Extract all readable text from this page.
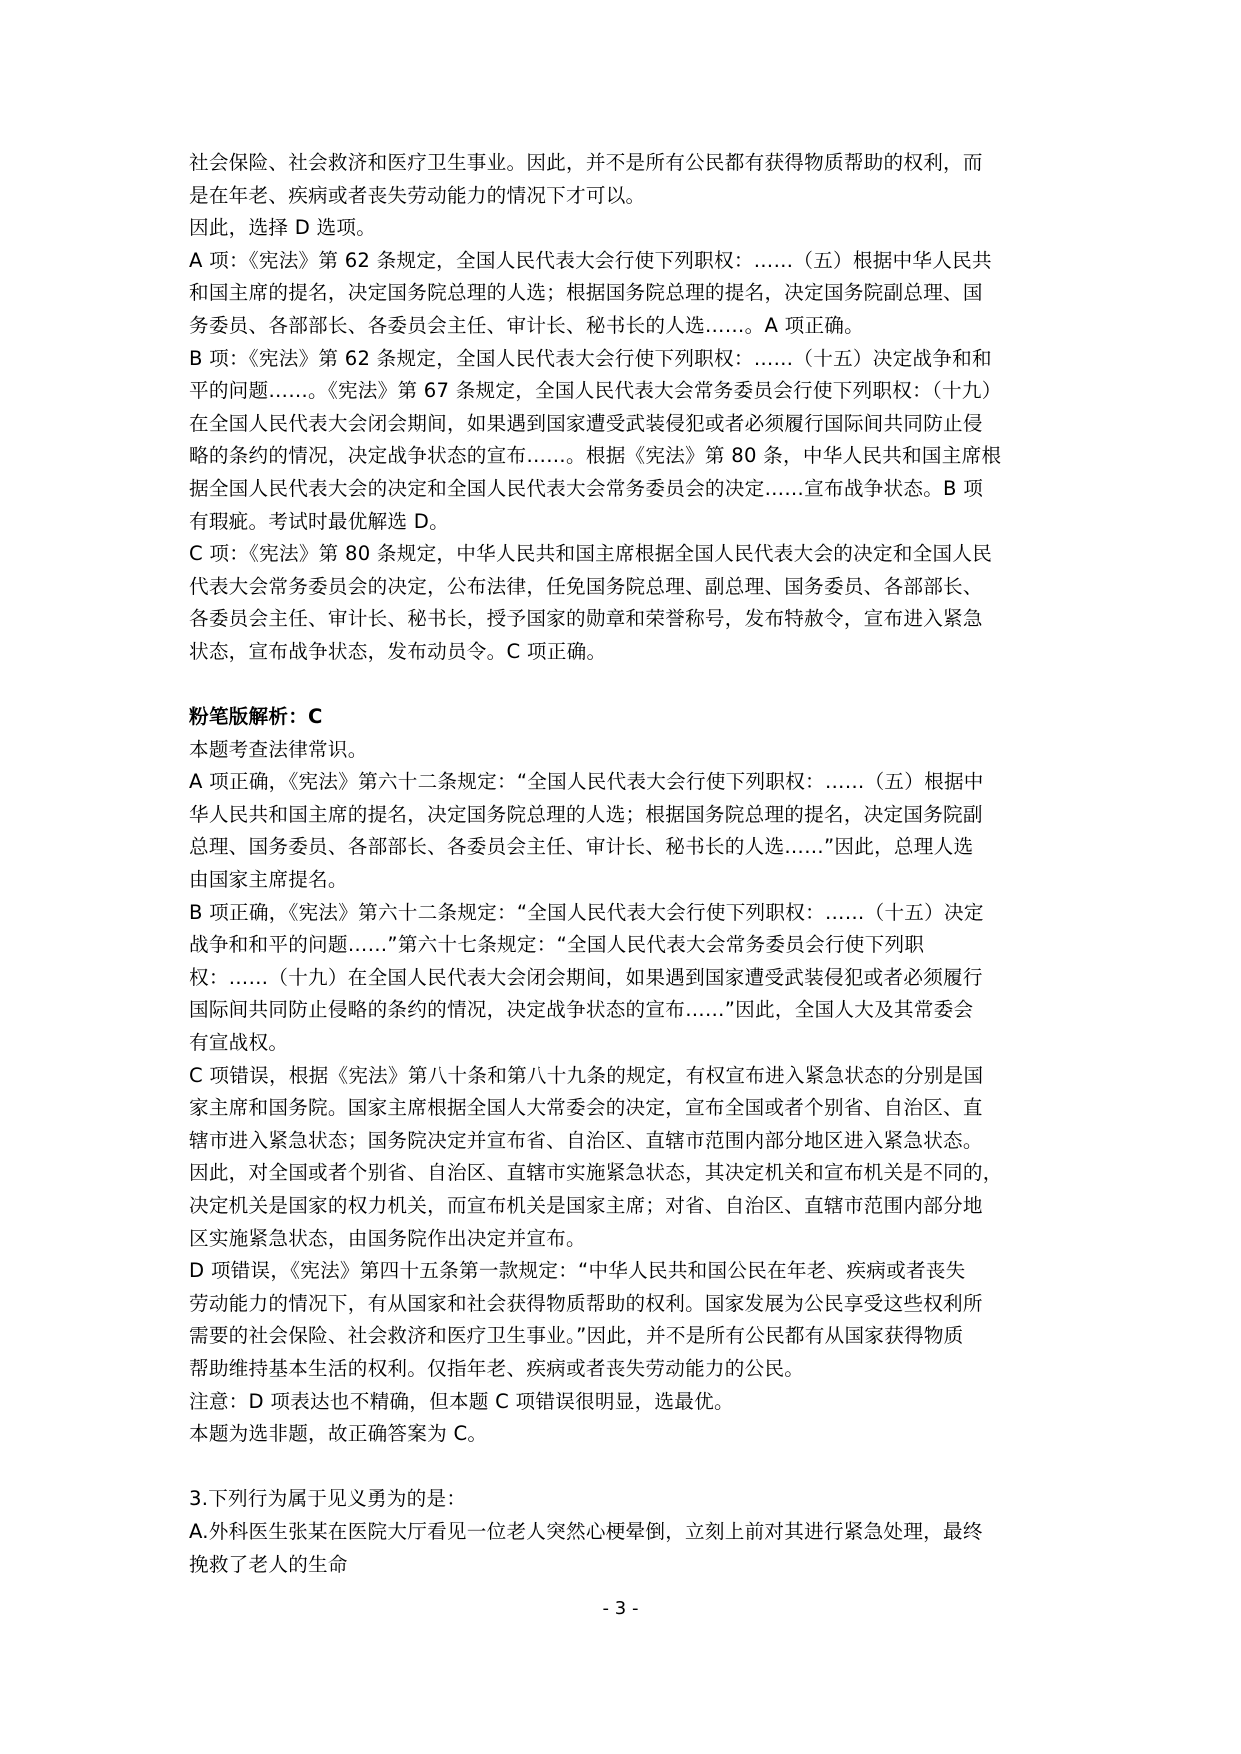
社会保险、社会救济和医疗卫生事业。因此，并不是所有公民都有获得物质帮助的权利，而
是在年老、疾病或者丧失劳动能力的情况下才可以。
因此，选择 D 选项。
A 项：《宪法》第 62 条规定，全国人民代表大会行使下列职权：……（五）根据中华人民共
和国主席的提名，决定国务院总理的人选；根据国务院总理的提名，决定国务院副总理、国
务委员、各部部长、各委员会主任、审计长、秘书长的人选……。A 项正确。
B 项：《宪法》第 62 条规定，全国人民代表大会行使下列职权：……（十五）决定战争和和
平的问题……。《宪法》第 67 条规定，全国人民代表大会常务委员会行使下列职权：（十九）
在全国人民代表大会闭会期间，如果遇到国家遭受武装侵犯或者必须履行国际间共同防止侵
略的条约的情况，决定战争状态的宣布……。根据《宪法》第 80 条，中华人民共和国主席根
据全国人民代表大会的决定和全国人民代表大会常务委员会的决定……宣布战争状态。B 项
有瑕疵。考试时最优解选 D。
C 项：《宪法》第 80 条规定，中华人民共和国主席根据全国人民代表大会的决定和全国人民
代表大会常务委员会的决定，公布法律，任免国务院总理、副总理、国务委员、各部部长、
各委员会主任、审计长、秘书长，授予国家的勋章和荣誉称号，发布特赦令，宣布进入紧急
状态，宣布战争状态，发布动员令。C 项正确。
粉笔版解析：C
本题考查法律常识。
A 项正确，《宪法》第六十二条规定：“全国人民代表大会行使下列职权：……（五）根据中
华人民共和国主席的提名，决定国务院总理的人选；根据国务院总理的提名，决定国务院副
总理、国务委员、各部部长、各委员会主任、审计长、秘书长的人选……”因此，总理人选
由国家主席提名。
B 项正确，《宪法》第六十二条规定：“全国人民代表大会行使下列职权：……（十五）决定
战争和和平的问题……”第六十七条规定：“全国人民代表大会常务委员会行使下列职
权：……（十九）在全国人民代表大会闭会期间，如果遇到国家遭受武装侵犯或者必须履行
国际间共同防止侵略的条约的情况，决定战争状态的宣布……”因此，全国人大及其常委会
有宣战权。
C 项错误，根据《宪法》第八十条和第八十九条的规定，有权宣布进入紧急状态的分别是国
家主席和国务院。国家主席根据全国人大常委会的决定，宣布全国或者个别省、自治区、直
辖市进入紧急状态；国务院决定并宣布省、自治区、直辖市范围内部分地区进入紧急状态。
因此，对全国或者个别省、自治区、直辖市实施紧急状态，其决定机关和宣布机关是不同的，
决定机关是国家的权力机关，而宣布机关是国家主席；对省、自治区、直辖市范围内部分地
区实施紧急状态，由国务院作出决定并宣布。
D 项错误，《宪法》第四十五条第一款规定：“中华人民共和国公民在年老、疾病或者丧失
劳动能力的情况下，有从国家和社会获得物质帮助的权利。国家发展为公民享受这些权利所
需要的社会保险、社会救济和医疗卫生事业。”因此，并不是所有公民都有从国家获得物质
帮助维持基本生活的权利。仅指年老、疾病或者丧失劳动能力的公民。
注意：D 项表达也不精确，但本题 C 项错误很明显，选最优。
本题为选非题，故正确答案为 C。
3.下列行为属于见义勇为的是：
A.外科医生张某在医院大厅看见一位老人突然心梗晕倒，立刻上前对其进行紧急处理，最终
挽救了老人的生命
- 3 -
